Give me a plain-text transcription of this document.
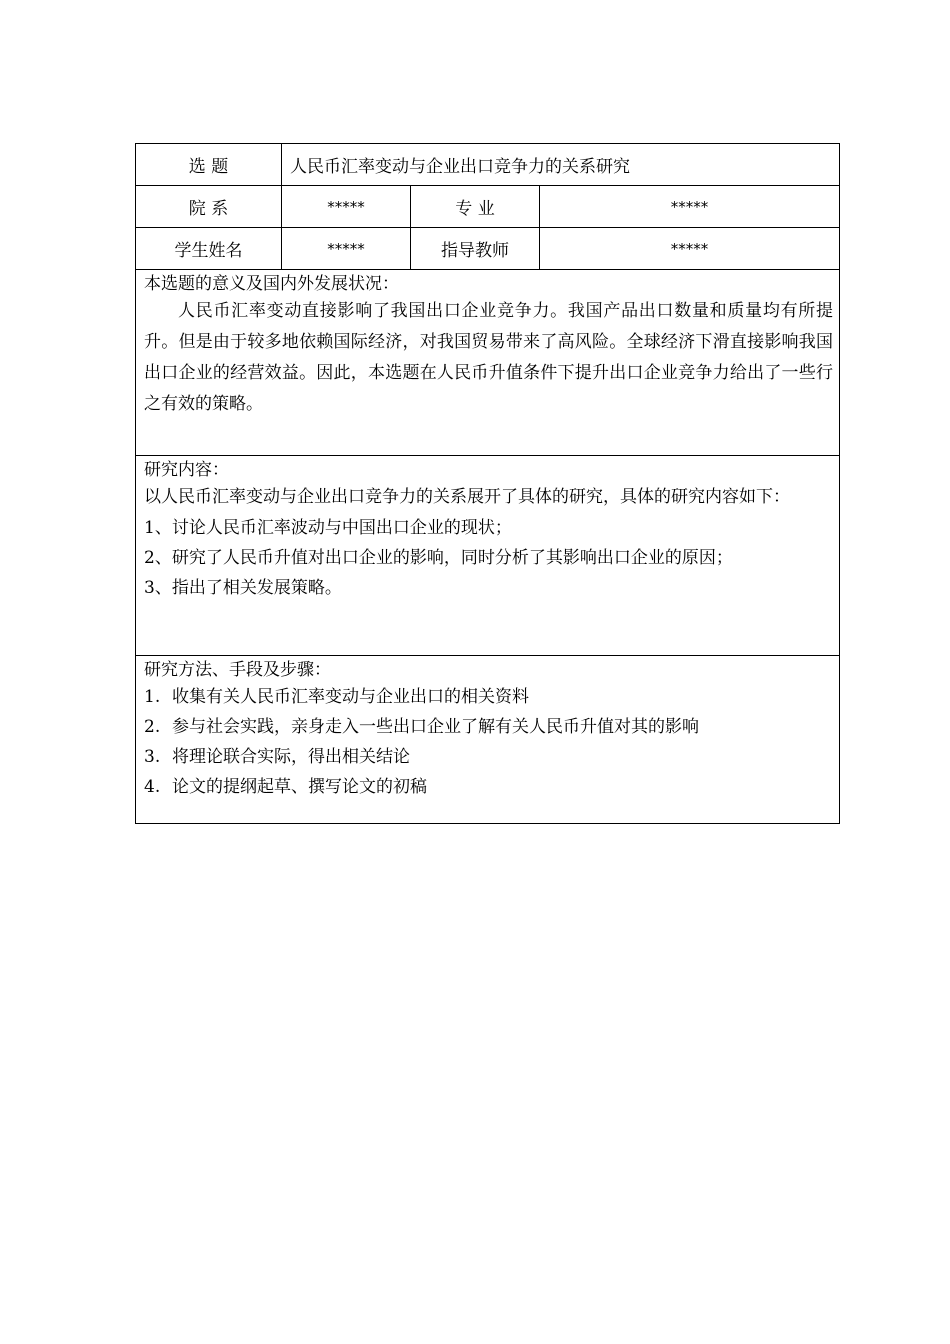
选 题	人民币汇率变动与企业出口竞争力的关系研究		
院 系	*****	专 业	*****
学生姓名	*****	指导教师	*****

本选题的意义及国内外发展状况：
人民币汇率变动直接影响了我国出口企业竞争力。我国产品出口数量和质量均有所提升。但是由于较多地依赖国际经济，对我国贸易带来了高风险。全球经济下滑直接影响我国出口企业的经营效益。因此，本选题在人民币升值条件下提升出口企业竞争力给出了一些行之有效的策略。			

研究内容：
以人民币汇率变动与企业出口竞争力的关系展开了具体的研究，具体的研究内容如下：
1、讨论人民币汇率波动与中国出口企业的现状；
2、研究了人民币升值对出口企业的影响，同时分析了其影响出口企业的原因；
3、指出了相关发展策略。			

研究方法、手段及步骤：
1. 收集有关人民币汇率变动与企业出口的相关资料
2. 参与社会实践，亲身走入一些出口企业了解有关人民币升值对其的影响
3. 将理论联合实际，得出相关结论
4. 论文的提纲起草、撰写论文的初稿			
